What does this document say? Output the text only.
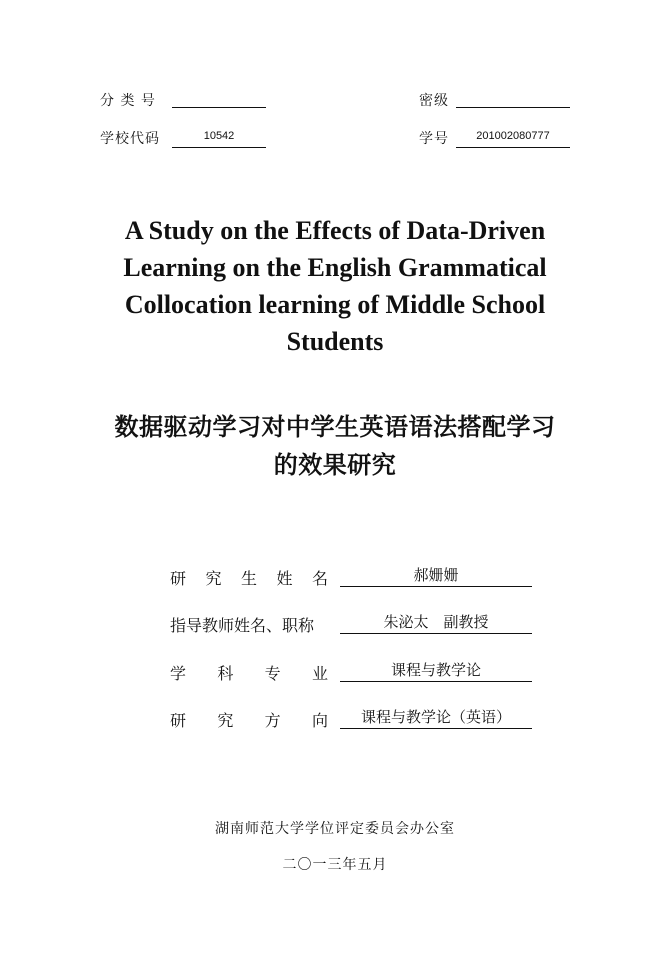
分 类 号	密级
学校代码	10542	学号	201002080777
A Study on the Effects of Data-Driven
Learning on the English Grammatical
Collocation learning of Middle School
Students
数据驱动学习对中学生英语语法搭配学习
的效果研究
研 究 生 姓 名	郝姗姗
指导教师姓名、职称	朱泌太　副教授
学 科 专 业	课程与教学论
研 究 方 向	课程与教学论（英语）
湖南师范大学学位评定委员会办公室
二〇一三年五月
